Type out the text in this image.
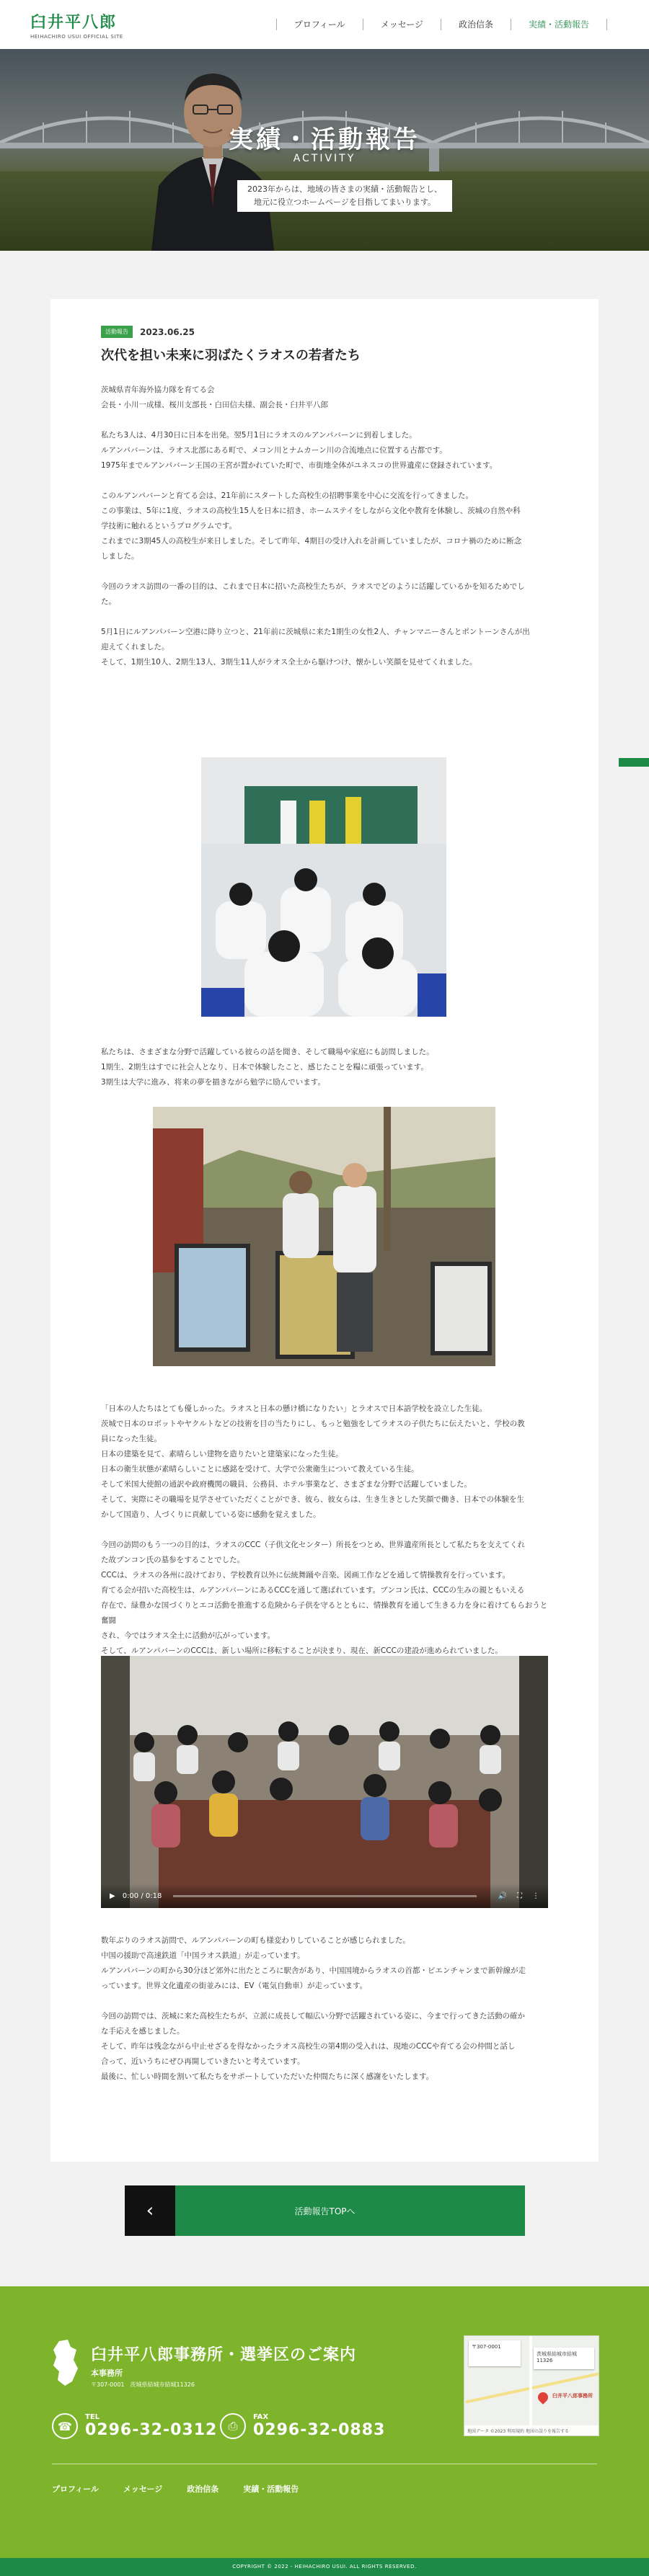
臼井平八郎
HEIHACHIRO USUI OFFICIAL SITE
プロフィール	メッセージ	政治信条	実績・活動報告
実績・活動報告
ACTIVITY
2023年からは、地域の皆さまの実績・活動報告とし、
地元に役立つホームページを目指してまいります。
活動報告	2023.06.25
次代を担い未来に羽ばたくラオスの若者たち

茨城県青年海外協力隊を育てる会

会長・小川一成様、桜川支部長・白田信夫様、副会長・臼井平八郎

私たち3人は、4月30日に日本を出発。翌5月1日にラオスのルアンパバーンに到着しました。

ルアンパバーンは、ラオス北部にある町で、メコン川とナムカーン川の合流地点に位置する古都です。

1975年までルアンパバーン王国の王宮が置かれていた町で、市街地全体がユネスコの世界遺産に登録されています。

このルアンパバーンと育てる会は、21年前にスタートした高校生の招聘事業を中心に交流を行ってきました。

この事業は、5年に1度、ラオスの高校生15人を日本に招き、ホームステイをしながら文化や教育を体験し、茨城の自然や科

学技術に触れるというプログラムです。

これまでに3期45人の高校生が来日しました。そして昨年、4期目の受け入れを計画していましたが、コロナ禍のために断念

しました。

今回のラオス訪問の一番の目的は、これまで日本に招いた高校生たちが、ラオスでどのように活躍しているかを知るためでし

た。

5月1日にルアンパバーン空港に降り立つと、21年前に茨城県に来た1期生の女性2人、チャンマニーさんとポントーンさんが出

迎えてくれました。

そして、1期生10人、2期生13人、3期生11人がラオス全土から駆けつけ、懐かしい笑顔を見せてくれました。

私たちは、さまざまな分野で活躍している彼らの話を聞き、そして職場や家庭にも訪問しました。

1期生、2期生はすでに社会人となり、日本で体験したこと、感じたことを糧に頑張っています。

3期生は大学に進み、将来の夢を描きながら勉学に励んでいます。

「日本の人たちはとても優しかった。ラオスと日本の懸け橋になりたい」とラオスで日本語学校を設立した生徒。

茨城で日本のロボットやヤクルトなどの技術を目の当たりにし、もっと勉強をしてラオスの子供たちに伝えたいと、学校の教

員になった生徒。

日本の建築を見て、素晴らしい建物を造りたいと建築家になった生徒。

日本の衛生状態が素晴らしいことに感銘を受けて、大学で公衆衛生について教えている生徒。

そして米国大使館の通訳や政府機関の職員、公務員、ホテル事業など、さまざまな分野で活躍していました。

そして、実際にその職場を見学させていただくことができ、彼ら、彼女らは、生き生きとした笑顔で働き、日本での体験を生

かして国造り、人づくりに貢献している姿に感動を覚えました。

今回の訪問のもう一つの目的は、ラオスのCCC（子供文化センター）所長をつとめ、世界遺産所長として私たちを支えてくれ

た故ブンコン氏の墓参をすることでした。

CCCは、ラオスの各州に設けており、学校教育以外に伝統舞踊や音楽、図画工作などを通して情操教育を行っています。

育てる会が招いた高校生は、ルアンパバーンにあるCCCを通して選ばれています。ブンコン氏は、CCCの生みの親ともいえる

存在で、緑豊かな国づくりとエコ活動を推進する危険から子供を守るとともに、情操教育を通して生きる力を身に着けてもらおうと奮闘

され、今ではラオス全土に活動が広がっています。

そして、ルアンパバーンのCCCは、新しい場所に移転することが決まり、現在、新CCCの建設が進められていました。

▶ 0:00 / 0:18	🔊 ⛶ ⋮

数年ぶりのラオス訪問で、ルアンパバーンの町も様変わりしていることが感じられました。

中国の援助で高速鉄道「中国ラオス鉄道」が走っています。

ルアンパバーンの町から30分ほど郊外に出たところに駅舎があり、中国国境からラオスの首都・ビエンチャンまで新幹線が走

っています。世界文化遺産の街並みには、EV（電気自動車）が走っています。

今回の訪問では、茨城に来た高校生たちが、立派に成長して幅広い分野で活躍されている姿に、今まで行ってきた活動の確か

な手応えを感じました。

そして、昨年は残念ながら中止せざるを得なかったラオス高校生の第4期の受入れは、現地のCCCや育てる会の仲間と話し

合って、近いうちにぜひ再開していきたいと考えています。

最後に、忙しい時間を割いて私たちをサポートしていただいた仲間たちに深く感謝をいたします。

‹	活動報告TOPへ
臼井平八郎事務所・選挙区のご案内
本事務所
〒307-0001　茨城県結城市結城11326
☎
TEL
0296-32-0312 ⎙
FAX
0296-32-0883
〒307-0001
茨城県結城市結城11326
臼井平八郎事務所
地図データ ©2023 利用規約 地図の誤りを報告する
プロフィール	メッセージ	政治信条	実績・活動報告
COPYRIGHT © 2022 - HEIHACHIRO USUI. ALL RIGHTS RESERVED.
